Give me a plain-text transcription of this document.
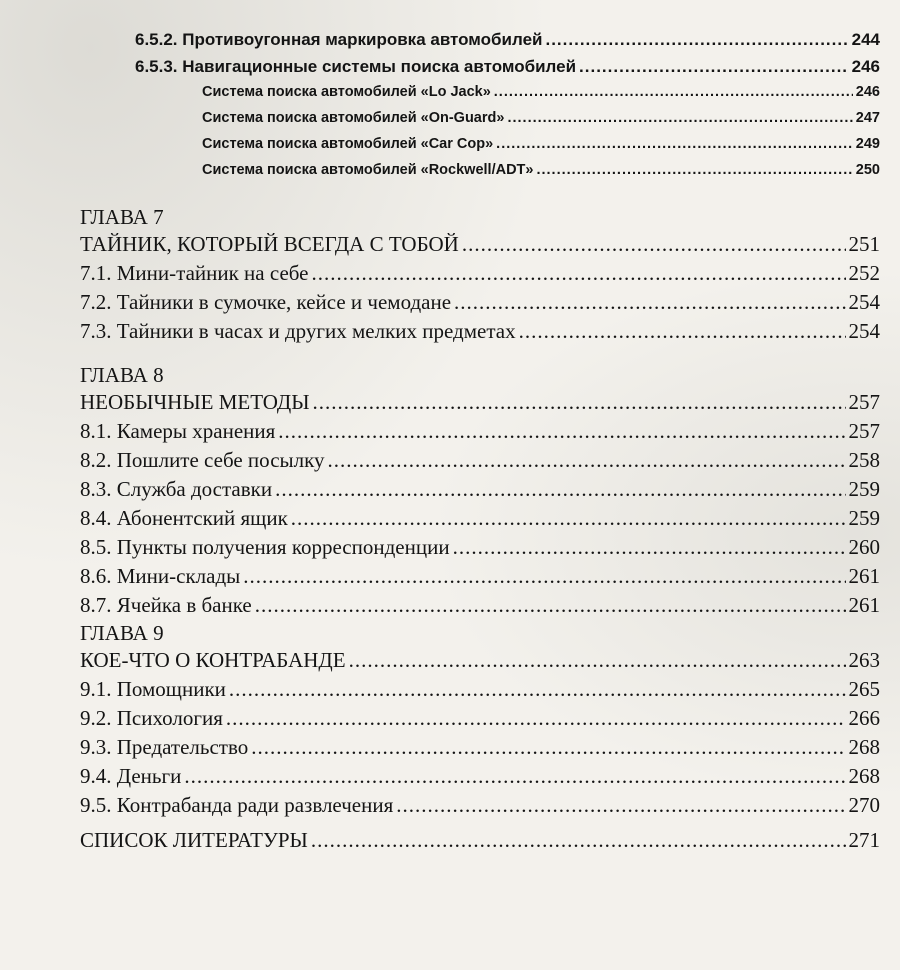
6.5.2. Противоугонная маркировка автомобилей .....	244
6.5.3. Навигационные системы поиска автомобилей .....	246
Система поиска автомобилей «Lo Jack» .....	246
Система поиска автомобилей «On-Guard» .....	247
Система поиска автомобилей «Car Cop» .....	249
Система поиска автомобилей «Rockwell/ADT» .....	250
ГЛАВА 7
ТАЙНИК, КОТОРЫЙ ВСЕГДА С ТОБОЙ .....	251
7.1. Мини-тайник на себе .....	252
7.2. Тайники в сумочке, кейсе и чемодане .....	254
7.3. Тайники в часах и других мелких предметах .....	254
ГЛАВА 8
НЕОБЫЧНЫЕ МЕТОДЫ .....	257
8.1. Камеры хранения .....	257
8.2. Пошлите себе посылку .....	258
8.3. Служба доставки .....	259
8.4. Абонентский ящик .....	259
8.5. Пункты получения корреспонденции .....	260
8.6. Мини-склады .....	261
8.7. Ячейка в банке .....	261
ГЛАВА 9
КОЕ-ЧТО О КОНТРАБАНДЕ .....	263
9.1. Помощники .....	265
9.2. Психология .....	266
9.3. Предательство .....	268
9.4. Деньги .....	268
9.5. Контрабанда ради развлечения .....	270
СПИСОК ЛИТЕРАТУРЫ .....	271
